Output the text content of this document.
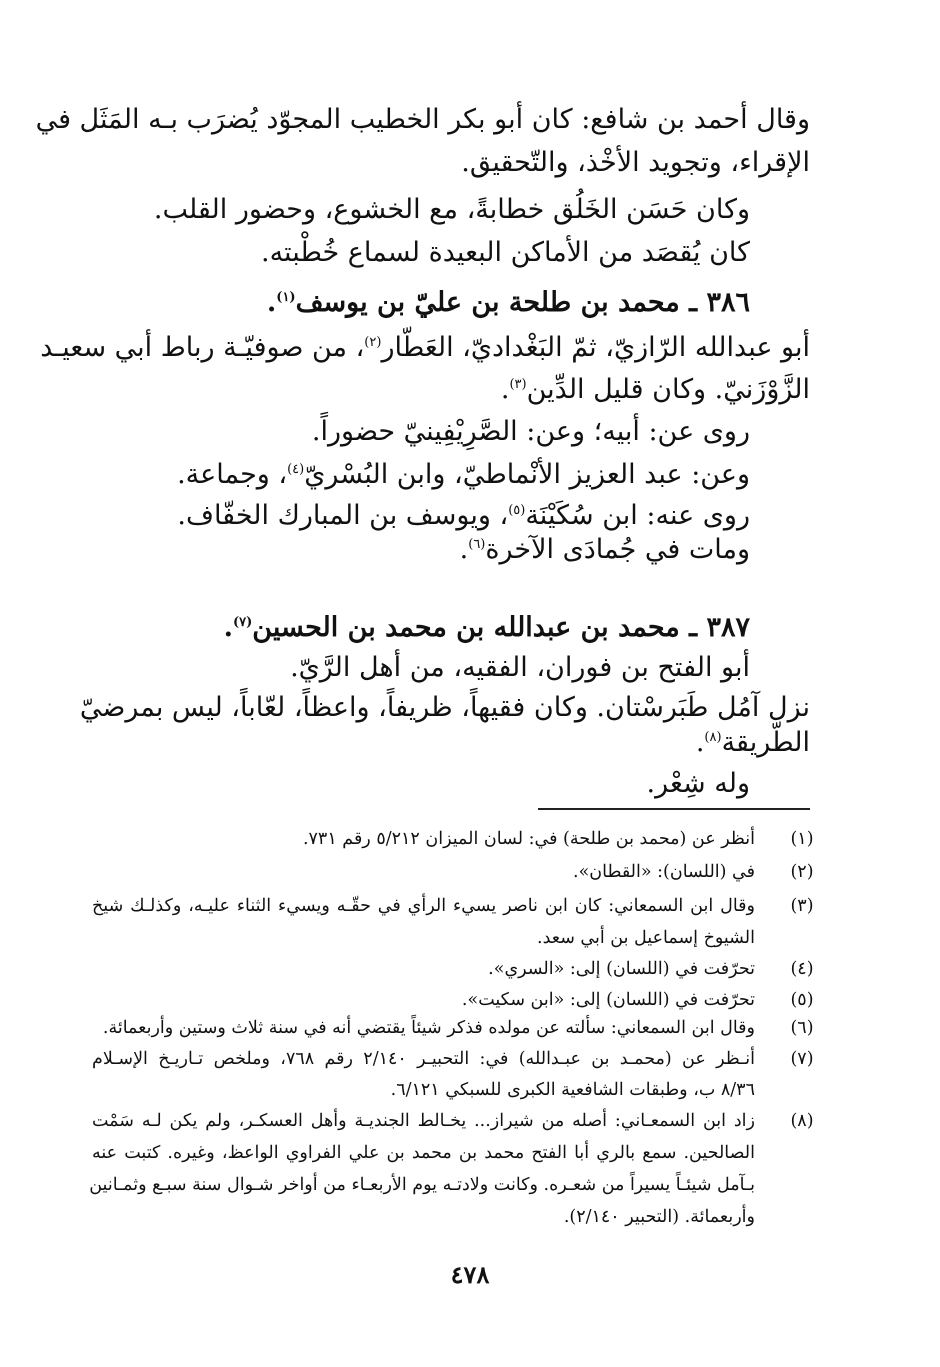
وقال أحمد بن شافع: كان أبو بكر الخطيب المجوّد يُضرَب بـه المَثَل في
الإقراء، وتجويد الأخْذ، والتّحقيق.
وكان حَسَن الخَلُق خطابةً، مع الخشوع، وحضور القلب.
كان يُقصَد من الأماكن البعيدة لسماع خُطْبته.
٣٨٦ ـ محمد بن طلحة بن عليّ بن يوسف$^{(١)}$.
أبو عبدالله الرّازيّ، ثمّ البَغْداديّ، العَطّار$^{(٢)}$، من صوفيّـة رباط أبي سعيـد
الزَّوْزَنيّ. وكان قليل الدِّين$^{(٣)}$.
روى عن: أبيه؛ وعن: الصَّرِيْفِينيّ حضوراً.
وعن: عبد العزيز الأنْماطيّ، وابن البُسْريّ$^{(٤)}$، وجماعة.
روى عنه: ابن سُكَيْنَة$^{(٥)}$، ويوسف بن المبارك الخفّاف.
ومات في جُمادَى الآخرة$^{(٦)}$.
٣٨٧ ـ محمد بن عبدالله بن محمد بن الحسين$^{(٧)}$.
أبو الفتح بن فوران، الفقيه، من أهل الرَّيّ.
نزل آمُل طَبَرسْتان. وكان فقيهاً، ظريفاً، واعظاً، لعّاباً، ليس بمرضيّ
الطّريقة$^{(٨)}$.
وله شِعْر.
(١)
أنظر عن (محمد بن طلحة) في: لسان الميزان ٥/٢١٢ رقم ٧٣١.
(٢)
في (اللسان): «القطان».
(٣)
وقال ابن السمعاني: كان ابن ناصر يسيء الرأي في حقّـه ويسيء الثناء عليـه، وكذلـك شيخ
الشيوخ إسماعيل بن أبي سعد.
(٤)
تحرّفت في (اللسان) إلى: «السري».
(٥)
تحرّفت في (اللسان) إلى: «ابن سكيت».
(٦)
وقال ابن السمعاني: سألته عن مولده فذكر شيئاً يقتضي أنه في سنة ثلاث وستين وأربعمائة.
(٧)
أنـظر عن (محمـد بن عبـدالله) في: التحبيـر ٢/١٤٠ رقم ٧٦٨، وملخص تـاريـخ الإسـلام
٨/٣٦ ب، وطبقات الشافعية الكبرى للسبكي ٦/١٢١.
(٨)
زاد ابن السمعـاني: أصله من شيراز... يخـالط الجنديـة وأهل العسكـر، ولم يكن لـه سَمْت
الصالحين. سمع بالري أبا الفتح محمد بن محمد بن علي الفراوي الواعظ، وغيره. كتبت عنه
بـآمل شيئـاً يسيراً من شعـره. وكانت ولادتـه يوم الأربعـاء من أواخر شـوال سنة سبـع وثمـانين
وأربعمائة. (التحبير ٢/١٤٠).
٤٧٨
